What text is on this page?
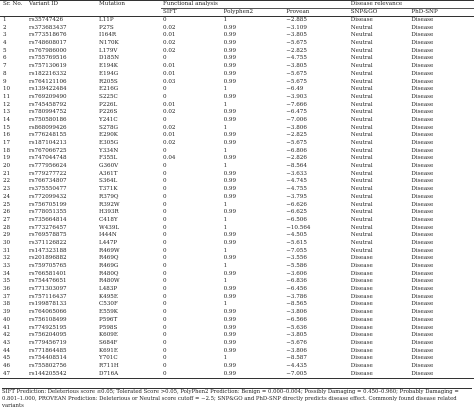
Sr. No.	Variant ID	Mutation	Functional analysis			Disease relevance	
			SIFT	Polyphen2	Provean	SNP&GO	PhD-SNP
1	rs35747426	L11P	0	1	−2.885	Disease	Disease
2	rs373683437	P27S	0.02	0.99	−3.109	Neutral	Disease
3	rs773518676	I164R	0.01	0.99	−3.805	Neutral	Disease
4	rs748608017	N170K	0.02	0.99	−5.675	Neutral	Disease
5	rs767986000	L179V	0.02	0.99	−2.825	Neutral	Disease
6	rs755769516	D185N	0	0.99	−4.755	Neutral	Disease
7	rs757130619	E194K	0.01	0.99	−3.805	Neutral	Disease
8	rs182216332	E194G	0.01	0.99	−5.675	Neutral	Disease
9	rs764121106	R205S	0.03	0.99	−5.675	Neutral	Disease
10	rs139422484	E216G	0	1	−6.49	Neutral	Disease
11	rs769209490	S225C	0	0.99	−3.903	Neutral	Disease
12	rs745458792	P226L	0.01	1	−7.666	Neutral	Disease
13	rs780994752	P226S	0.02	0.99	−6.475	Neutral	Disease
14	rs750580186	Y241C	0	0.99	−7.006	Neutral	Disease
15	rs868099426	S278G	0.02	1	−3.806	Neutral	Disease
16	rs776248155	E290K	0.01	0.99	−2.825	Neutral	Disease
17	rs187104213	E305G	0.02	0.99	−5.675	Neutral	Disease
18	rs767066725	Y334N	0	1	−6.806	Neutral	Disease
19	rs747044748	F355L	0.04	0.99	−2.826	Neutral	Disease
20	rs777956624	G360V	0	1	−8.564	Neutral	Disease
21	rs779277722	A361T	0	0.99	−3.633	Neutral	Disease
22	rs766734807	S364L	0	0.99	−4.745	Neutral	Disease
23	rs375550477	T371K	0	0.99	−4.755	Neutral	Disease
24	rs772099432	R379Q	0	0.99	−3.795	Neutral	Disease
25	rs756705199	R392W	0	1	−6.626	Neutral	Disease
26	rs778051355	H393R	0	0.99	−6.625	Neutral	Disease
27	rs735664814	C418Y	0	1	−6.506	Neutral	Disease
28	rs773276457	W439L	0	1	−10.564	Neutral	Disease
29	rs769578875	I444N	0	0.99	−4.505	Neutral	Disease
30	rs371126822	L447P	0	0.99	−5.615	Neutral	Disease
31	rs147323188	R469W	0	1	−7.055	Neutral	Disease
32	rs201896882	R469Q	0	0.99	−3.556	Disease	Disease
33	rs759705765	R469G	0	1	−5.586	Disease	Disease
34	rs766581401	R480Q	0	0.99	−3.606	Disease	Disease
35	rs754476651	R480W	0	1	−6.836	Disease	Disease
36	rs771303097	L483P	0	0.99	−6.456	Disease	Disease
37	rs757116437	K495E	0	0.99	−3.786	Disease	Disease
38	rs199878133	C530F	0	1	−8.565	Disease	Disease
39	rs764065066	E559K	0	0.99	−3.806	Disease	Disease
40	rs756108499	P596T	0	0.99	−6.566	Disease	Disease
41	rs774925195	P598S	0	0.99	−5.636	Disease	Disease
42	rs756204095	K609E	0	0.99	−3.805	Disease	Disease
43	rs779456719	S684F	0	0.99	−5.676	Disease	Disease
44	rs771864485	K691E	0	0.99	−3.806	Disease	Disease
45	rs754408514	Y701C	0	1	−8.587	Disease	Disease
46	rs755802756	R711H	0	0.99	−4.435	Disease	Disease
47	rs144205542	D716A	0	0.99	−7.005	Disease	Disease
SIFT Prediction: Deleterious score ≤0.05; Tolerated Score >0.05, PolyPhen2 Prediction: Benign = 0.000–0.004; Possibly Damaging = 0.450–0.960; Probably Damaging =
0.801–1.000, PROVEAN Prediction: Deleterious or Neutral score cutoff = −2.5; SNP&GO and PhD-SNP directly predicts disease effect. Commonly found disease related variants
